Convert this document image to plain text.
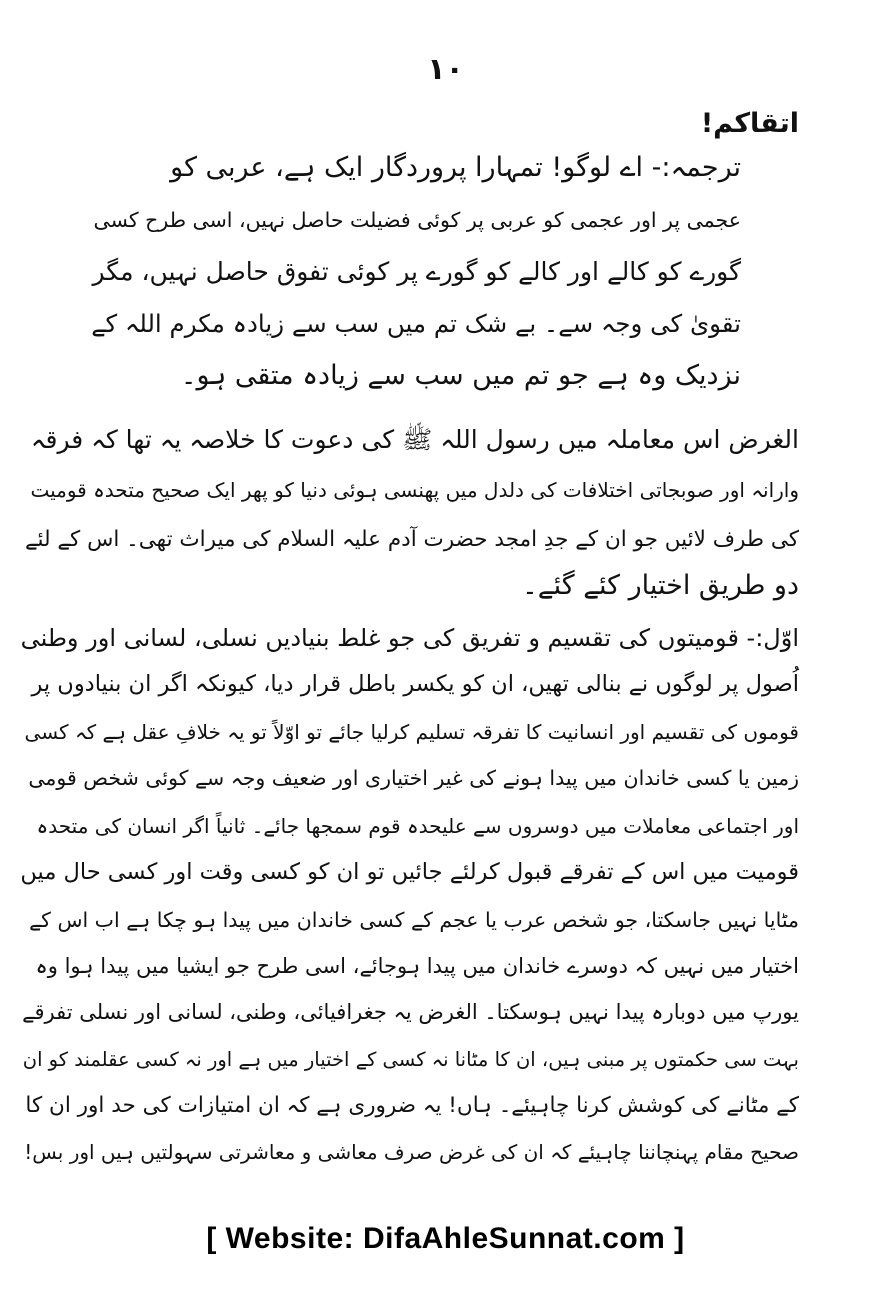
۱۰
اتقاکم!
ترجمہ:- اے لوگو! تمہارا پروردگار ایک ہے، عربی کو
عجمی پر اور عجمی کو عربی پر کوئی فضیلت حاصل نہیں، اسی طرح کسی
گورے کو کالے اور کالے کو گورے پر کوئی تفوق حاصل نہیں، مگر
تقویٰ کی وجہ سے۔ بے شک تم میں سب سے زیادہ مکرم اللہ کے
نزدیک وہ ہے جو تم میں سب سے زیادہ متقی ہو۔
الغرض اس معاملہ میں رسول اللہ ﷺ کی دعوت کا خلاصہ یہ تھا کہ فرقہ
وارانہ اور صوبجاتی اختلافات کی دلدل میں پھنسی ہوئی دنیا کو پھر ایک صحیح متحدہ قومیت
کی طرف لائیں جو ان کے جدِ امجد حضرت آدم علیہ السلام کی میراث تھی۔ اس کے لئے
دو طریق اختیار کئے گئے۔
اوّل:- قومیتوں کی تقسیم و تفریق کی جو غلط بنیادیں نسلی، لسانی اور وطنی
اُصول پر لوگوں نے بنالی تھیں، ان کو یکسر باطل قرار دیا، کیونکہ اگر ان بنیادوں پر
قوموں کی تقسیم اور انسانیت کا تفرقہ تسلیم کرلیا جائے تو اوّلاً تو یہ خلافِ عقل ہے کہ کسی
زمین یا کسی خاندان میں پیدا ہونے کی غیر اختیاری اور ضعیف وجہ سے کوئی شخص قومی
اور اجتماعی معاملات میں دوسروں سے علیحدہ قوم سمجھا جائے۔ ثانیاً اگر انسان کی متحدہ
قومیت میں اس کے تفرقے قبول کرلئے جائیں تو ان کو کسی وقت اور کسی حال میں
مٹایا نہیں جاسکتا، جو شخص عرب یا عجم کے کسی خاندان میں پیدا ہو چکا ہے اب اس کے
اختیار میں نہیں کہ دوسرے خاندان میں پیدا ہوجائے، اسی طرح جو ایشیا میں پیدا ہوا وہ
یورپ میں دوبارہ پیدا نہیں ہوسکتا۔ الغرض یہ جغرافیائی، وطنی، لسانی اور نسلی تفرقے
بہت سی حکمتوں پر مبنی ہیں، ان کا مٹانا نہ کسی کے اختیار میں ہے اور نہ کسی عقلمند کو ان
کے مٹانے کی کوشش کرنا چاہیئے۔ ہاں! یہ ضروری ہے کہ ان امتیازات کی حد اور ان کا
صحیح مقام پہنچاننا چاہیئے کہ ان کی غرض صرف معاشی و معاشرتی سہولتیں ہیں اور بس!
[ Website: DifaAhleSunnat.com ]
